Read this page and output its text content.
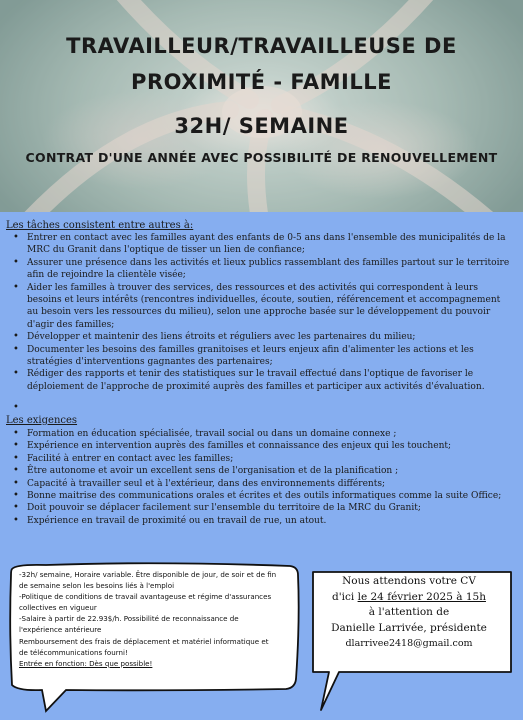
TRAVAILLEUR/TRAVAILLEUSE DE
PROXIMITÉ - FAMILLE
32H/ SEMAINE
CONTRAT D'UNE ANNÉE AVEC POSSIBILITÉ DE RENOUVELLEMENT
Les tâches consistent entre autres à:
• Entrer en contact avec les familles ayant des enfants de 0-5 ans dans l'ensemble des municipalités de la MRC du Granit dans l'optique de tisser un lien de confiance;
• Assurer une présence dans les activités et lieux publics rassemblant des familles partout sur le territoire afin de rejoindre la clientèle visée;
• Aider les familles à trouver des services, des ressources et des activités qui correspondent à leurs besoins et leurs intérêts (rencontres individuelles, écoute, soutien, référencement et accompagnement au besoin vers les ressources du milieu), selon une approche basée sur le développement du pouvoir d'agir des familles;
• Développer et maintenir des liens étroits et réguliers avec les partenaires du milieu;
• Documenter les besoins des familles granitoises et leurs enjeux afin d'alimenter les actions et les stratégies d'interventions gagnantes des partenaires;
• Rédiger des rapports et tenir des statistiques sur le travail effectué dans l'optique de favoriser le déploiement de l'approche de proximité auprès des familles et participer aux activités d'évaluation.
•
Les exigences
• Formation en éducation spécialisée, travail social ou dans un domaine connexe ;
• Expérience en intervention auprès des familles et connaissance des enjeux qui les touchent;
• Facilité à entrer en contact avec les familles;
• Être autonome et avoir un excellent sens de l'organisation et de la planification ;
• Capacité à travailler seul et à l'extérieur, dans des environnements différents;
• Bonne maitrise des communications orales et écrites et des outils informatiques comme la suite Office;
• Doit pouvoir se déplacer facilement sur l'ensemble du territoire de la MRC du Granit;
• Expérience en travail de proximité ou en travail de rue, un atout.
-32h/ semaine, Horaire variable. Être disponible de jour, de soir et de fin
de semaine selon les besoins liés à l'emploi
-Politique de conditions de travail avantageuse et régime d'assurances
collectives en vigueur
-Salaire à partir de 22.93$/h. Possibilité de reconnaissance de
l'expérience antérieure
Remboursement des frais de déplacement et matériel informatique et
de télécommunications fourni!
Entrée en fonction: Dès que possible!
Nous attendons votre CV
d'ici le 24 février 2025 à 15h
à l'attention de
Danielle Larrivée, présidente
dlarrivee2418@gmail.com
